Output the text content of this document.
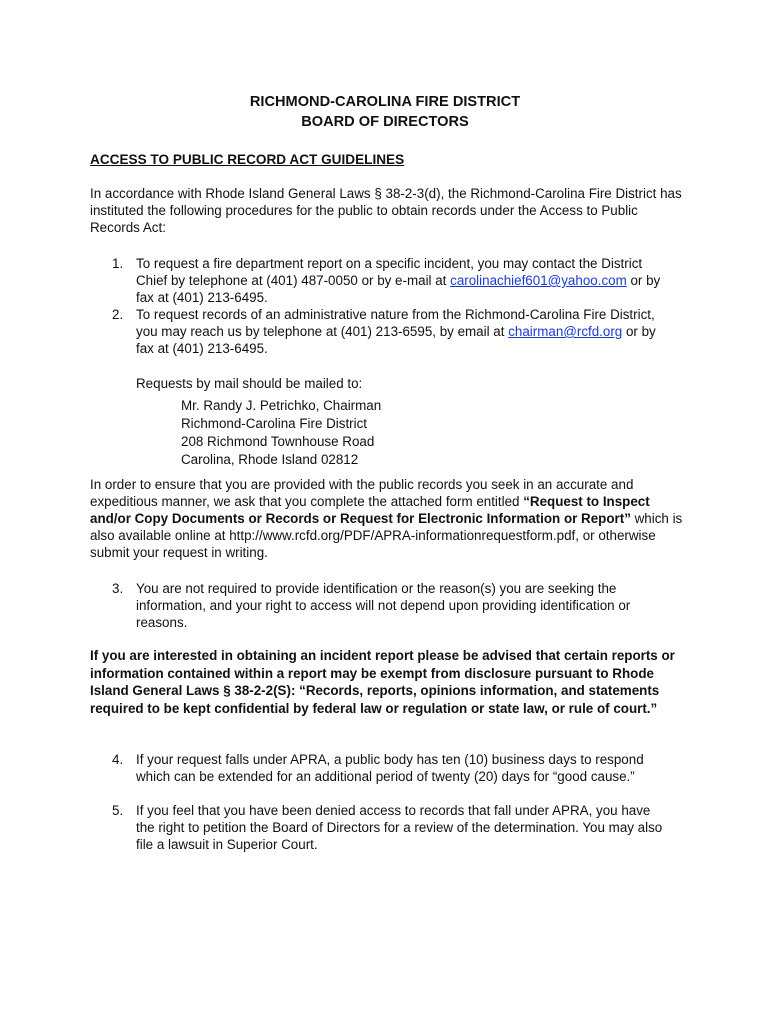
RICHMOND-CAROLINA FIRE DISTRICT
BOARD OF DIRECTORS
ACCESS TO PUBLIC RECORD ACT GUIDELINES
In accordance with Rhode Island General Laws § 38-2-3(d), the Richmond-Carolina Fire District has instituted the following procedures for the public to obtain records under the Access to Public Records Act:
1. To request a fire department report on a specific incident, you may contact the District Chief by telephone at (401) 487-0050 or by e-mail at carolinachief601@yahoo.com or by fax at (401) 213-6495.
2. To request records of an administrative nature from the Richmond-Carolina Fire District, you may reach us by telephone at (401) 213-6595, by email at chairman@rcfd.org or by fax at (401) 213-6495.
Requests by mail should be mailed to:
Mr. Randy J. Petrichko, Chairman
Richmond-Carolina Fire District
208 Richmond Townhouse Road
Carolina, Rhode Island 02812
In order to ensure that you are provided with the public records you seek in an accurate and expeditious manner, we ask that you complete the attached form entitled “Request to Inspect and/or Copy Documents or Records or Request for Electronic Information or Report” which is also available online at http://www.rcfd.org/PDF/APRA-informationrequestform.pdf, or otherwise submit your request in writing.
3. You are not required to provide identification or the reason(s) you are seeking the information, and your right to access will not depend upon providing identification or reasons.
If you are interested in obtaining an incident report please be advised that certain reports or information contained within a report may be exempt from disclosure pursuant to Rhode Island General Laws § 38-2-2(S): “Records, reports, opinions information, and statements required to be kept confidential by federal law or regulation or state law, or rule of court.”
4. If your request falls under APRA, a public body has ten (10) business days to respond which can be extended for an additional period of twenty (20) days for “good cause.”
5. If you feel that you have been denied access to records that fall under APRA, you have the right to petition the Board of Directors for a review of the determination. You may also file a lawsuit in Superior Court.
